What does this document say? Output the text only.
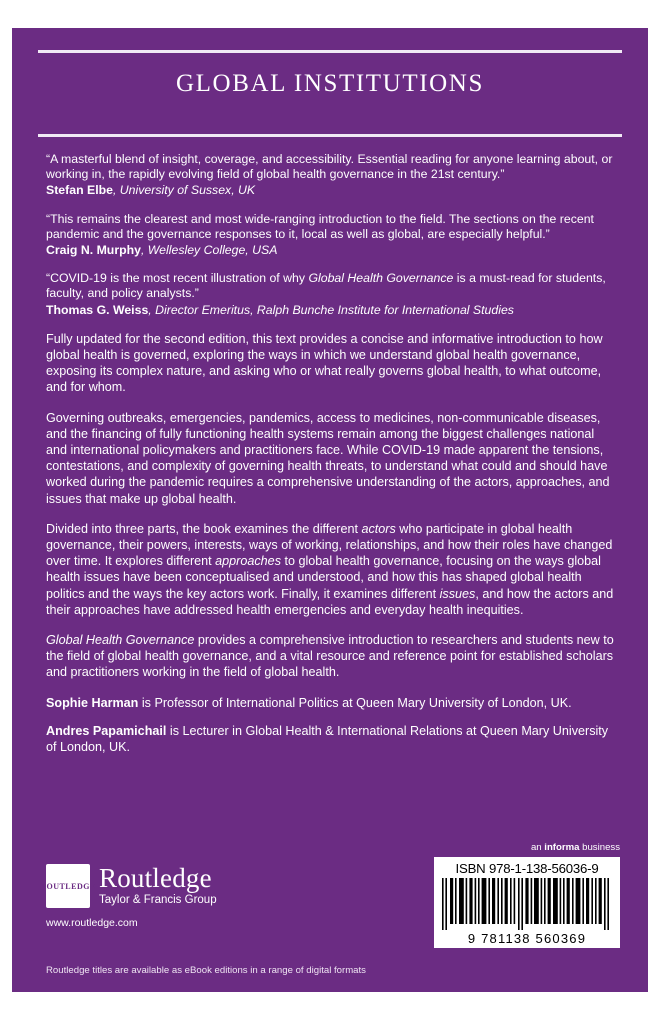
GLOBAL INSTITUTIONS

“A masterful blend of insight, coverage, and accessibility. Essential reading for anyone learning about, or working in, the rapidly evolving field of global health governance in the 21st century.”
Stefan Elbe, University of Sussex, UK

“This remains the clearest and most wide-ranging introduction to the field. The sections on the recent pandemic and the governance responses to it, local as well as global, are especially helpful.”
Craig N. Murphy, Wellesley College, USA

“COVID-19 is the most recent illustration of why Global Health Governance is a must-read for students, faculty, and policy analysts.”
Thomas G. Weiss, Director Emeritus, Ralph Bunche Institute for International Studies

Fully updated for the second edition, this text provides a concise and informative introduction to how global health is governed, exploring the ways in which we understand global health governance, exposing its complex nature, and asking who or what really governs global health, to what outcome, and for whom.

Governing outbreaks, emergencies, pandemics, access to medicines, non-communicable diseases, and the financing of fully functioning health systems remain among the biggest challenges national and international policymakers and practitioners face. While COVID-19 made apparent the tensions, contestations, and complexity of governing health threats, to understand what could and should have worked during the pandemic requires a comprehensive understanding of the actors, approaches, and issues that make up global health.

Divided into three parts, the book examines the different actors who participate in global health governance, their powers, interests, ways of working, relationships, and how their roles have changed over time. It explores different approaches to global health governance, focusing on the ways global health issues have been conceptualised and understood, and how this has shaped global health politics and the ways the key actors work. Finally, it examines different issues, and how the actors and their approaches have addressed health emergencies and everyday health inequities.

Global Health Governance provides a comprehensive introduction to researchers and students new to the field of global health governance, and a vital resource and reference point for established scholars and practitioners working in the field of global health.

Sophie Harman is Professor of International Politics at Queen Mary University of London, UK.

Andres Papamichail is Lecturer in Global Health & International Relations at Queen Mary University of London, UK.

ROUTLEDGE Routledge
Taylor & Francis Group
www.routledge.com
Routledge titles are available as eBook editions in a range of digital formats
an informa business
ISBN 978-1-138-56036-9
9 781138 560369
